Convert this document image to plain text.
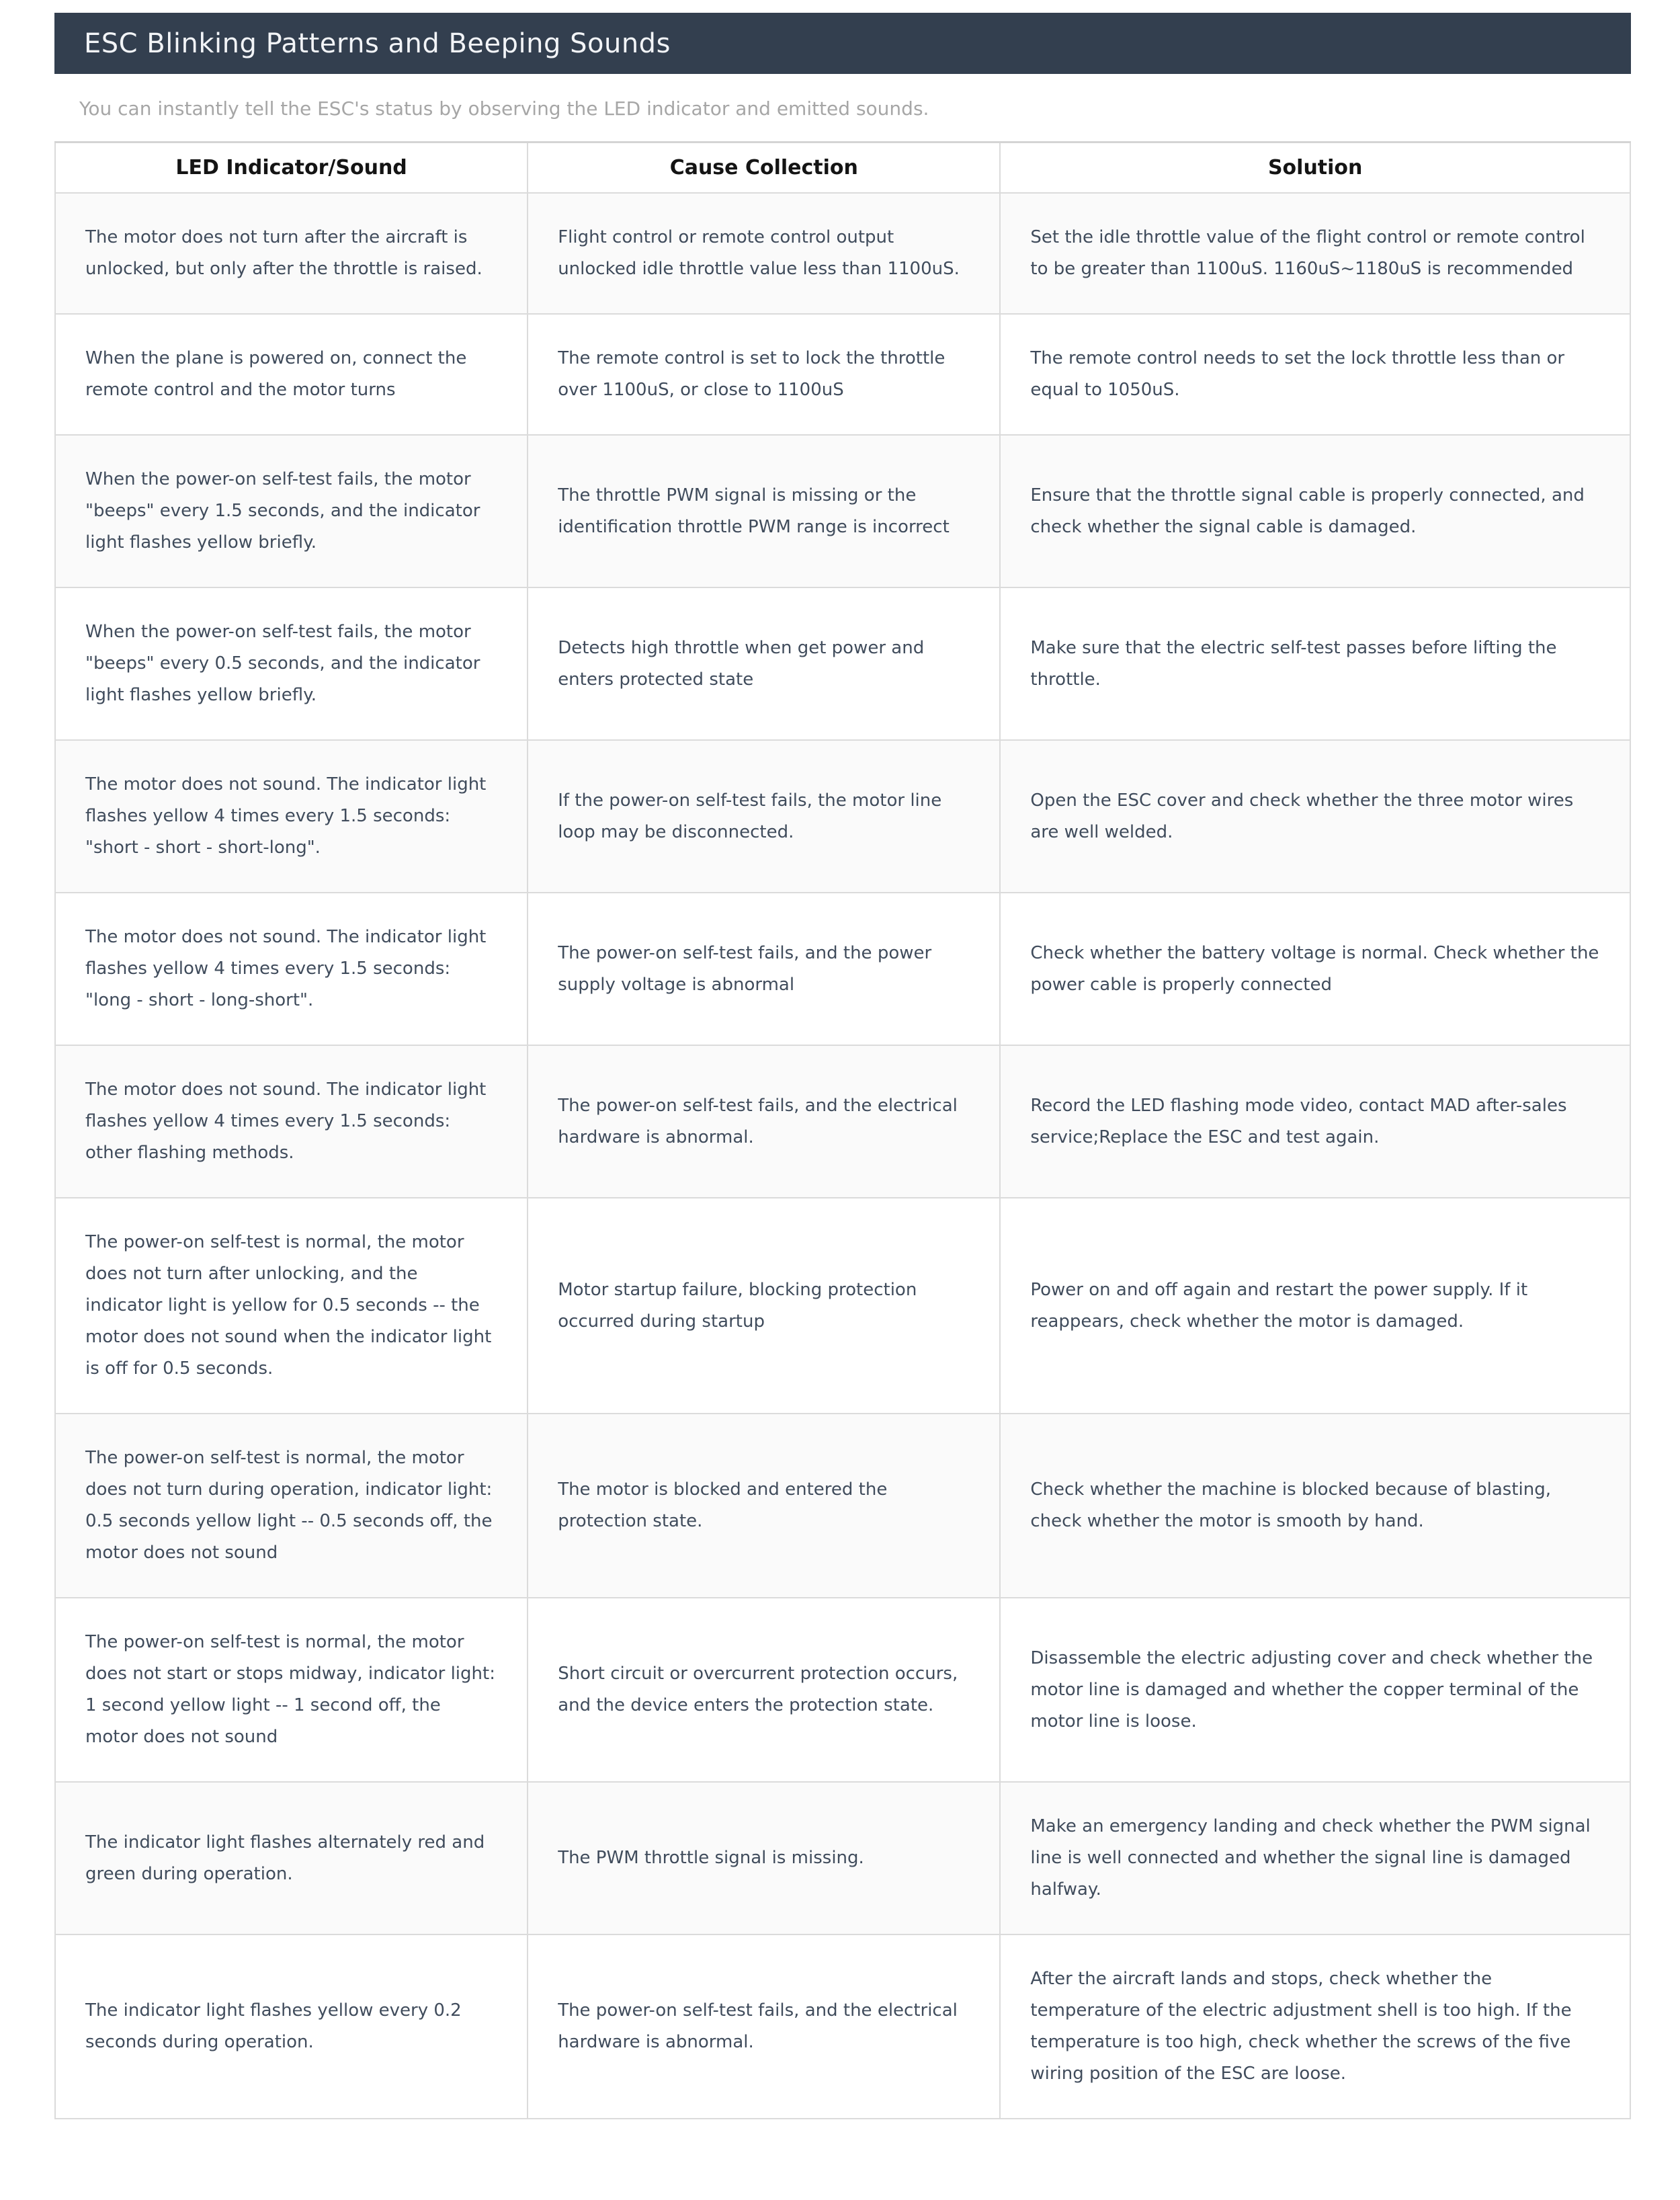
ESC Blinking Patterns and Beeping Sounds

You can instantly tell the ESC's status by observing the LED indicator and emitted sounds.

LED Indicator/Sound	Cause Collection	Solution
The motor does not turn after the aircraft is unlocked, but only after the throttle is raised.	Flight control or remote control output unlocked idle throttle value less than 1100uS.	Set the idle throttle value of the flight control or remote control to be greater than 1100uS. 1160uS~1180uS is recommended
When the plane is powered on, connect the remote control and the motor turns	The remote control is set to lock the throttle over 1100uS, or close to 1100uS	The remote control needs to set the lock throttle less than or equal to 1050uS.
When the power-on self-test fails, the motor "beeps" every 1.5 seconds, and the indicator light flashes yellow briefly.	The throttle PWM signal is missing or the identification throttle PWM range is incorrect	Ensure that the throttle signal cable is properly connected, and check whether the signal cable is damaged.
When the power-on self-test fails, the motor "beeps" every 0.5 seconds, and the indicator light flashes yellow briefly.	Detects high throttle when get power and enters protected state	Make sure that the electric self-test passes before lifting the throttle.
The motor does not sound. The indicator light flashes yellow 4 times every 1.5 seconds: "short - short - short-long".	If the power-on self-test fails, the motor line loop may be disconnected.	Open the ESC cover and check whether the three motor wires are well welded.
The motor does not sound. The indicator light flashes yellow 4 times every 1.5 seconds: "long - short - long-short".	The power-on self-test fails, and the power supply voltage is abnormal	Check whether the battery voltage is normal. Check whether the power cable is properly connected
The motor does not sound. The indicator light flashes yellow 4 times every 1.5 seconds: other flashing methods.	The power-on self-test fails, and the electrical hardware is abnormal.	Record the LED flashing mode video, contact MAD after-sales service;Replace the ESC and test again.
The power-on self-test is normal, the motor does not turn after unlocking, and the indicator light is yellow for 0.5 seconds -- the motor does not sound when the indicator light is off for 0.5 seconds.	Motor startup failure, blocking protection occurred during startup	Power on and off again and restart the power supply. If it reappears, check whether the motor is damaged.
The power-on self-test is normal, the motor does not turn during operation, indicator light: 0.5 seconds yellow light -- 0.5 seconds off, the motor does not sound	The motor is blocked and entered the protection state.	Check whether the machine is blocked because of blasting, check whether the motor is smooth by hand.
The power-on self-test is normal, the motor does not start or stops midway, indicator light: 1 second yellow light -- 1 second off, the motor does not sound	Short circuit or overcurrent protection occurs, and the device enters the protection state.	Disassemble the electric adjusting cover and check whether the motor line is damaged and whether the copper terminal of the motor line is loose.
The indicator light flashes alternately red and green during operation.	The PWM throttle signal is missing.	Make an emergency landing and check whether the PWM signal line is well connected and whether the signal line is damaged halfway.
The indicator light flashes yellow every 0.2 seconds during operation.	The power-on self-test fails, and the electrical hardware is abnormal.	After the aircraft lands and stops, check whether the temperature of the electric adjustment shell is too high. If the temperature is too high, check whether the screws of the five wiring position of the ESC are loose.
